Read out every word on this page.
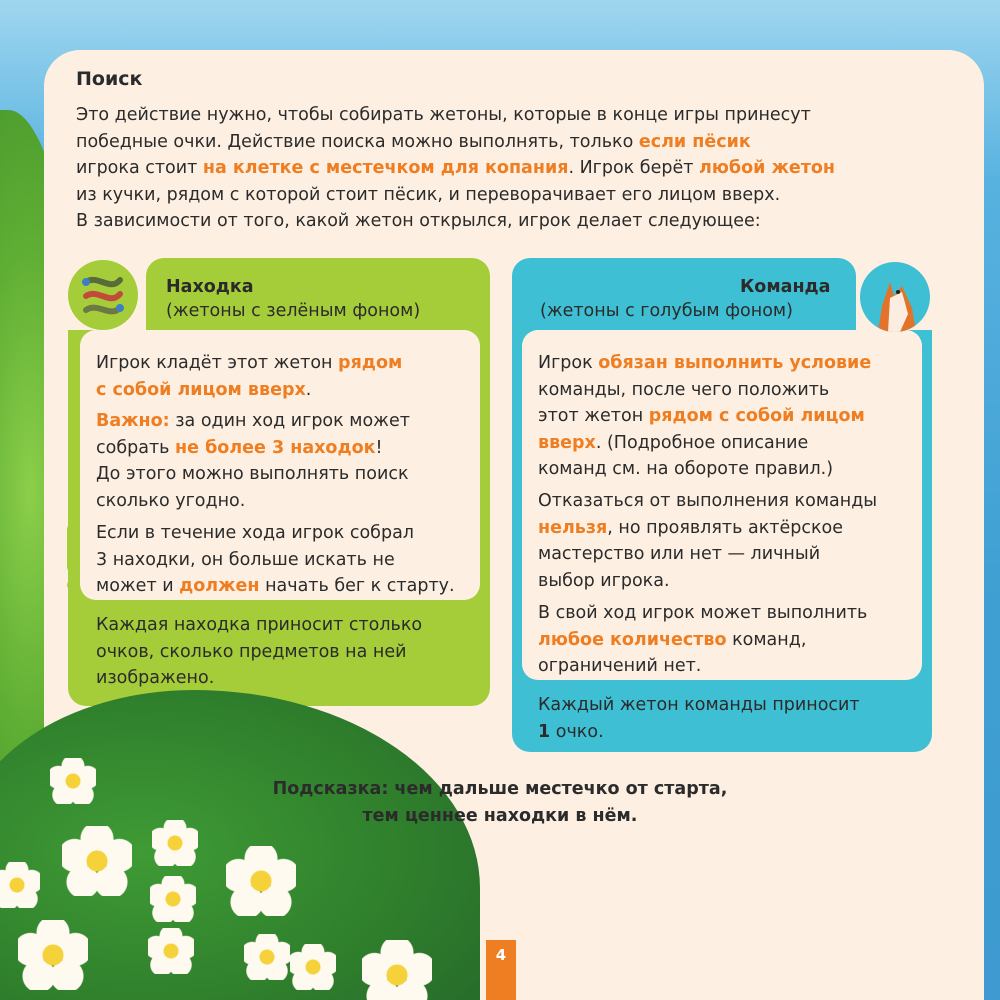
Поиск
Это действие нужно, чтобы собирать жетоны, которые в конце игры принесут
победные очки. Действие поиска можно выполнять, только если пёсик
игрока стоит на клетке с местечком для копания. Игрок берёт любой жетон
из кучки, рядом с которой стоит пёсик, и переворачивает его лицом вверх.
В зависимости от того, какой жетон открылся, игрок делает следующее:
Находка
(жетоны с зелёным фоном)
Игрок кладёт этот жетон рядом
с собой лицом вверх.
Важно: за один ход игрок может
собрать не более 3 находок!
До этого можно выполнять поиск
сколько угодно.
Если в течение хода игрок собрал
3 находки, он больше искать не
может и должен начать бег к старту.
Каждая находка приносит столько
очков, сколько предметов на ней
изображено.
Команда
(жетоны с голубым фоном)
Игрок обязан выполнить условие
команды, после чего положить
этот жетон рядом с собой лицом
вверх. (Подробное описание
команд см. на обороте правил.)
Отказаться от выполнения команды
нельзя, но проявлять актёрское
мастерство или нет — личный
выбор игрока.
В свой ход игрок может выполнить
любое количество команд,
ограничений нет.
Каждый жетон команды приносит
1 очко.
Подсказка: чем дальше местечко от старта,
тем ценнее находки в нём.
4
